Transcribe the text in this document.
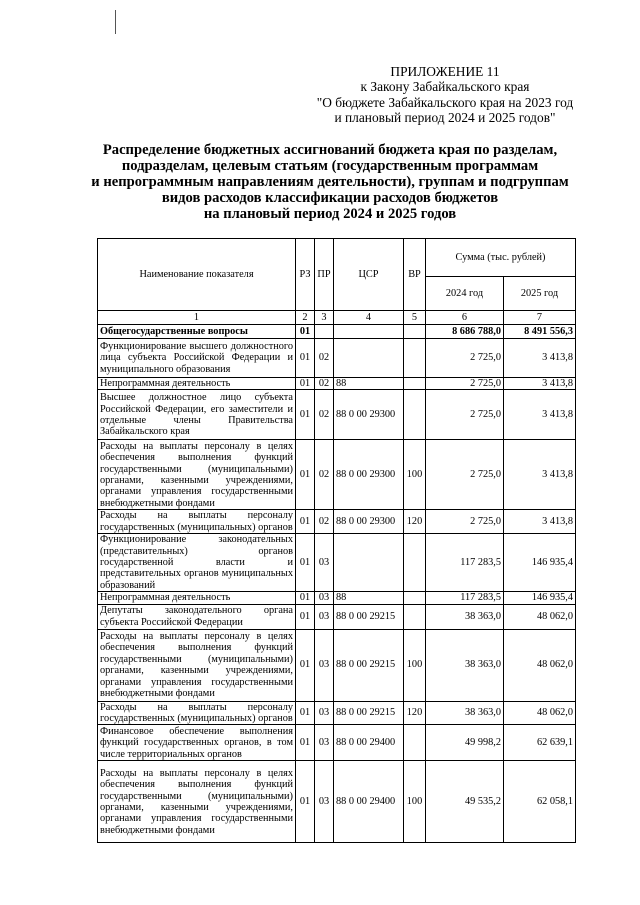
ПРИЛОЖЕНИЕ 11
к Закону Забайкальского края
"О бюджете Забайкальского края на 2023 год
и плановый период 2024 и 2025 годов"
Распределение бюджетных ассигнований бюджета края по разделам,
подразделам, целевым статьям (государственным программам
и непрограммным направлениям деятельности), группам и подгруппам
видов расходов классификации расходов бюджетов
на плановый период 2024 и 2025 годов
Наименование показателя	РЗ	ПР	ЦСР	ВР	Сумма (тыс. рублей)	
					2024 год	2025 год
1	2	3	4	5	6	7
Общегосударственные вопросы	01				8 686 788,0	8 491 556,3
Функционирование высшего должностного лица субъекта Российской Федерации и муниципального образования	01	02			2 725,0	3 413,8
Непрограммная деятельность	01	02	88		2 725,0	3 413,8
Высшее должностное лицо субъекта Российской Федерации, его заместители и отдельные члены Правительства Забайкальского края	01	02	88 0 00 29300		2 725,0	3 413,8
Расходы на выплаты персоналу в целях обеспечения выполнения функций государственными (муниципальными) органами, казенными учреждениями, органами управления государственными внебюджетными фондами	01	02	88 0 00 29300	100	2 725,0	3 413,8
Расходы на выплаты персоналу государственных (муниципальных) органов	01	02	88 0 00 29300	120	2 725,0	3 413,8
Функционирование законодательных (представительных) органов государственной власти и представительных органов муниципальных образований	01	03			117 283,5	146 935,4
Непрограммная деятельность	01	03	88		117 283,5	146 935,4
Депутаты законодательного органа субъекта Российской Федерации	01	03	88 0 00 29215		38 363,0	48 062,0
Расходы на выплаты персоналу в целях обеспечения выполнения функций государственными (муниципальными) органами, казенными учреждениями, органами управления государственными внебюджетными фондами	01	03	88 0 00 29215	100	38 363,0	48 062,0
Расходы на выплаты персоналу государственных (муниципальных) органов	01	03	88 0 00 29215	120	38 363,0	48 062,0
Финансовое обеспечение выполнения функций государственных органов, в том числе территориальных органов	01	03	88 0 00 29400		49 998,2	62 639,1
Расходы на выплаты персоналу в целях обеспечения выполнения функций государственными (муниципальными) органами, казенными учреждениями, органами управления государственными внебюджетными фондами	01	03	88 0 00 29400	100	49 535,2	62 058,1
